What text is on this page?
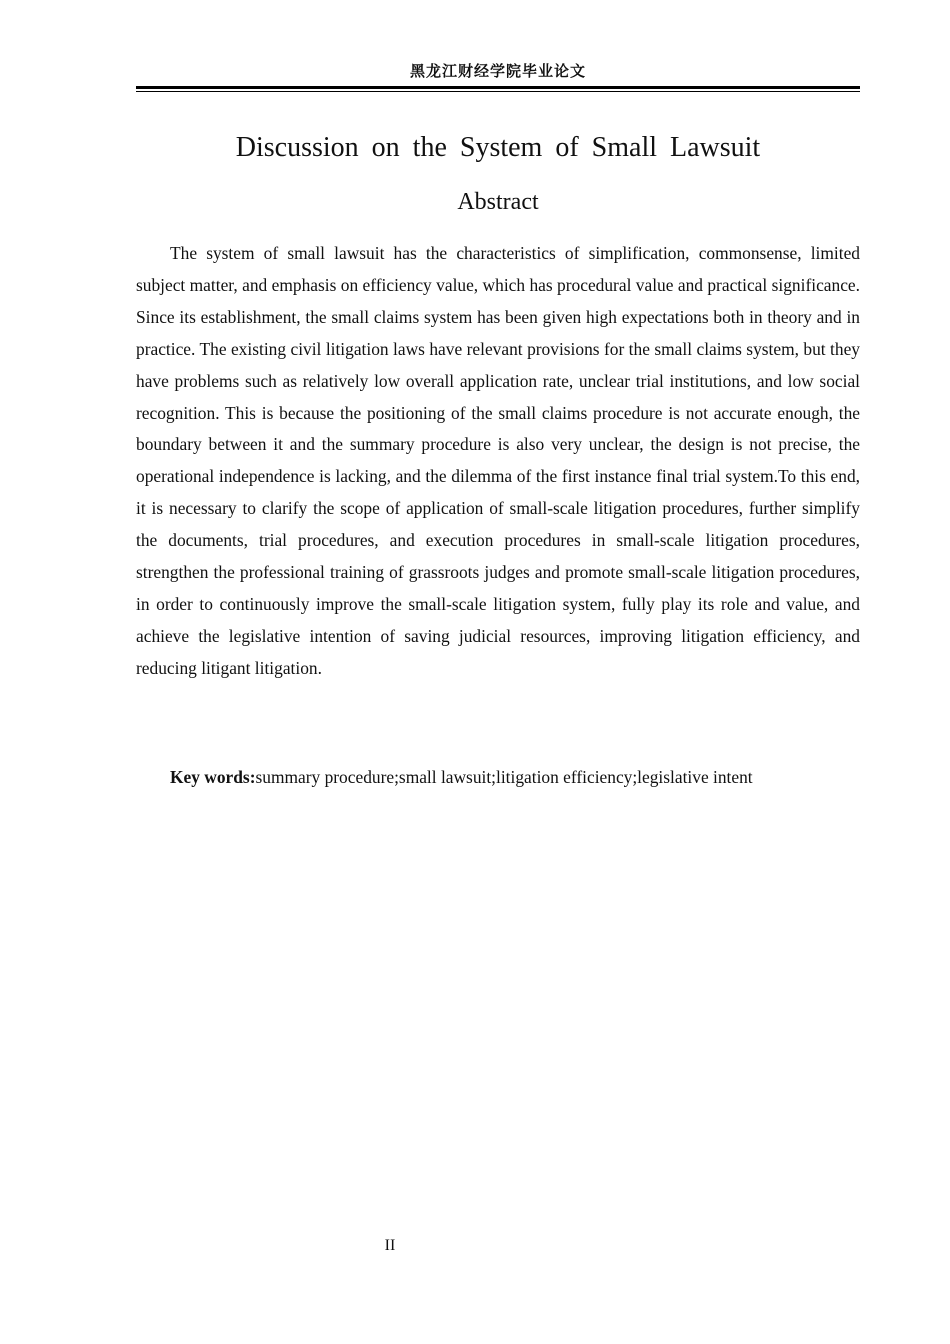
黑龙江财经学院毕业论文
Discussion on the System of Small Lawsuit
Abstract

The system of small lawsuit has the characteristics of simplification, commonsense, limited subject matter, and emphasis on efficiency value, which has procedural value and practical significance. Since its establishment, the small claims system has been given high expectations both in theory and in practice. The existing civil litigation laws have relevant provisions for the small claims system, but they have problems such as relatively low overall application rate, unclear trial institutions, and low social recognition. This is because the positioning of the small claims procedure is not accurate enough, the boundary between it and the summary procedure is also very unclear, the design is not precise, the operational independence is lacking, and the dilemma of the first instance final trial system.To this end, it is necessary to clarify the scope of application of small-scale litigation procedures, further simplify the documents, trial procedures, and execution procedures in small-scale litigation procedures, strengthen the professional training of grassroots judges and promote small-scale litigation procedures, in order to continuously improve the small-scale litigation system, fully play its role and value, and achieve the legislative intention of saving judicial resources, improving litigation efficiency, and reducing litigant litigation.

Key words:summary procedure;small lawsuit;litigation efficiency;legislative intent

II
